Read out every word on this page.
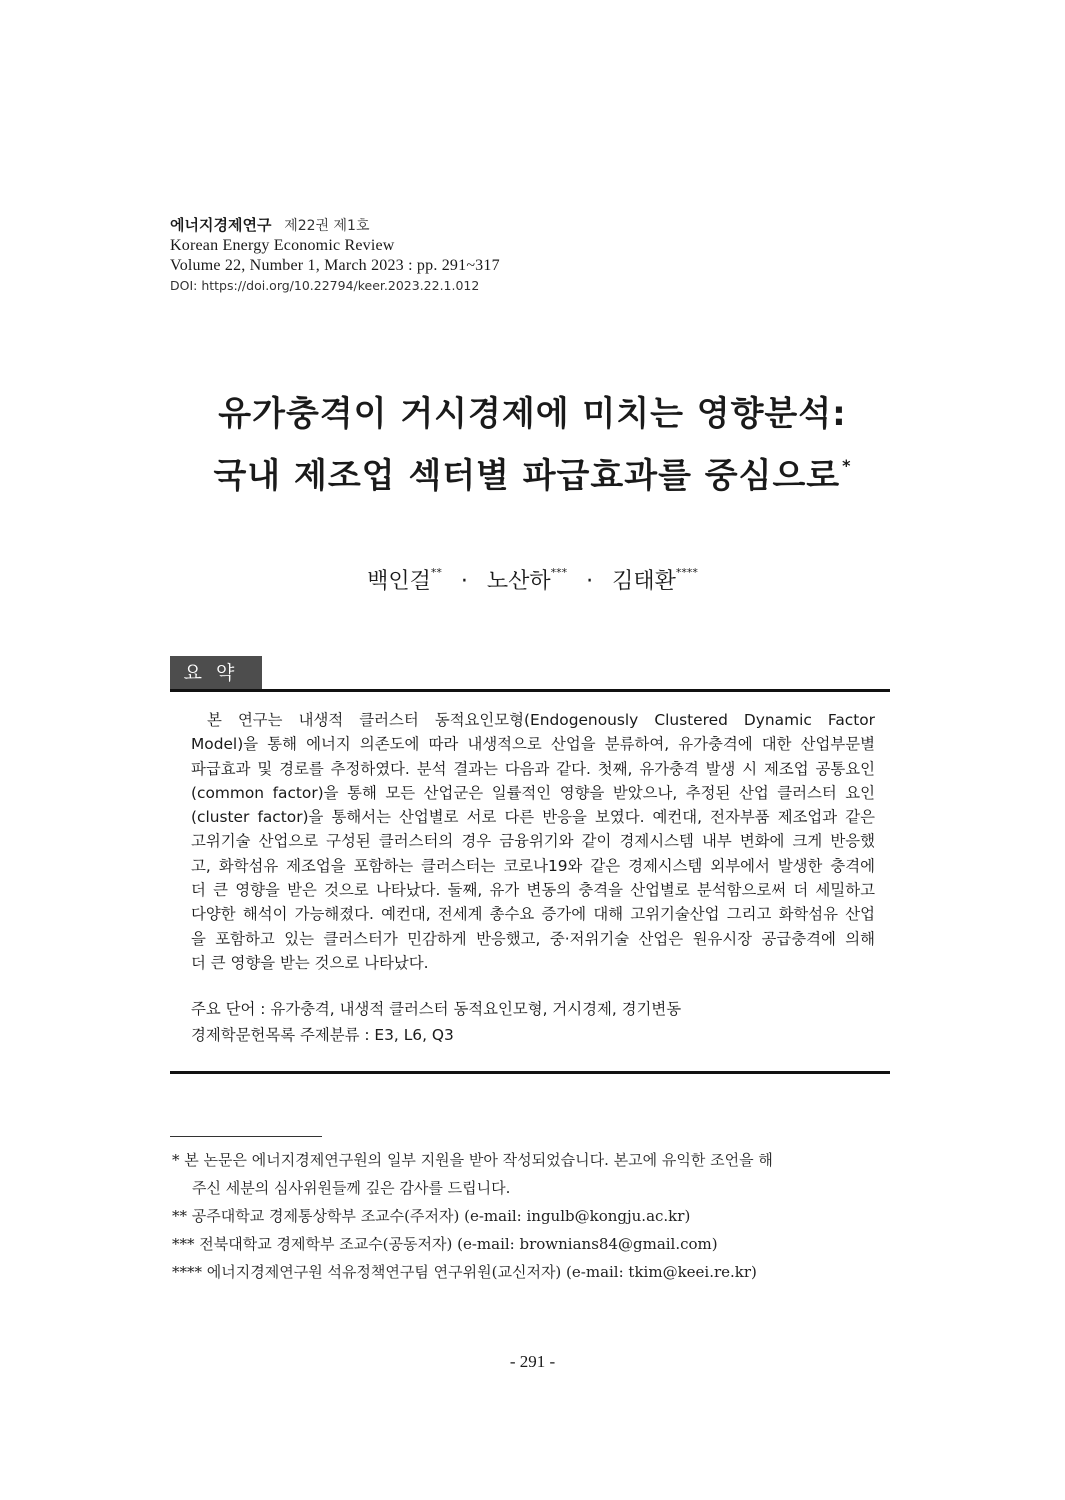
에너지경제연구 제22권 제1호
Korean Energy Economic Review
Volume 22, Number 1, March 2023 : pp. 291~317
DOI: https://doi.org/10.22794/keer.2023.22.1.012
유가충격이 거시경제에 미치는 영향분석:
국내 제조업 섹터별 파급효과를 중심으로 *
백인걸** · 노산하*** · 김태환****
요약
본 연구는 내생적 클러스터 동적요인모형(Endogenously Clustered Dynamic Factor
Model)을 통해 에너지 의존도에 따라 내생적으로 산업을 분류하여, 유가충격에 대한 산업부문별
파급효과 및 경로를 추정하였다. 분석 결과는 다음과 같다. 첫째, 유가충격 발생 시 제조업 공통요인
(common factor)을 통해 모든 산업군은 일률적인 영향을 받았으나, 추정된 산업 클러스터 요인
(cluster factor)을 통해서는 산업별로 서로 다른 반응을 보였다. 예컨대, 전자부품 제조업과 같은
고위기술 산업으로 구성된 클러스터의 경우 금융위기와 같이 경제시스템 내부 변화에 크게 반응했
고, 화학섬유 제조업을 포함하는 클러스터는 코로나19와 같은 경제시스템 외부에서 발생한 충격에
더 큰 영향을 받은 것으로 나타났다. 둘째, 유가 변동의 충격을 산업별로 분석함으로써 더 세밀하고
다양한 해석이 가능해졌다. 예컨대, 전세계 총수요 증가에 대해 고위기술산업 그리고 화학섬유 산업
을 포함하고 있는 클러스터가 민감하게 반응했고, 중·저위기술 산업은 원유시장 공급충격에 의해
더 큰 영향을 받는 것으로 나타났다.
주요 단어 : 유가충격, 내생적 클러스터 동적요인모형, 거시경제, 경기변동
경제학문헌목록 주제분류 : E3, L6, Q3
* 본 논문은 에너지경제연구원의 일부 지원을 받아 작성되었습니다. 본고에 유익한 조언을 해
주신 세분의 심사위원들께 깊은 감사를 드립니다.
** 공주대학교 경제통상학부 조교수(주저자) (e-mail: ingulb@kongju.ac.kr)
*** 전북대학교 경제학부 조교수(공동저자) (e-mail: brownians84@gmail.com)
**** 에너지경제연구원 석유정책연구팀 연구위원(교신저자) (e-mail: tkim@keei.re.kr)
- 291 -
